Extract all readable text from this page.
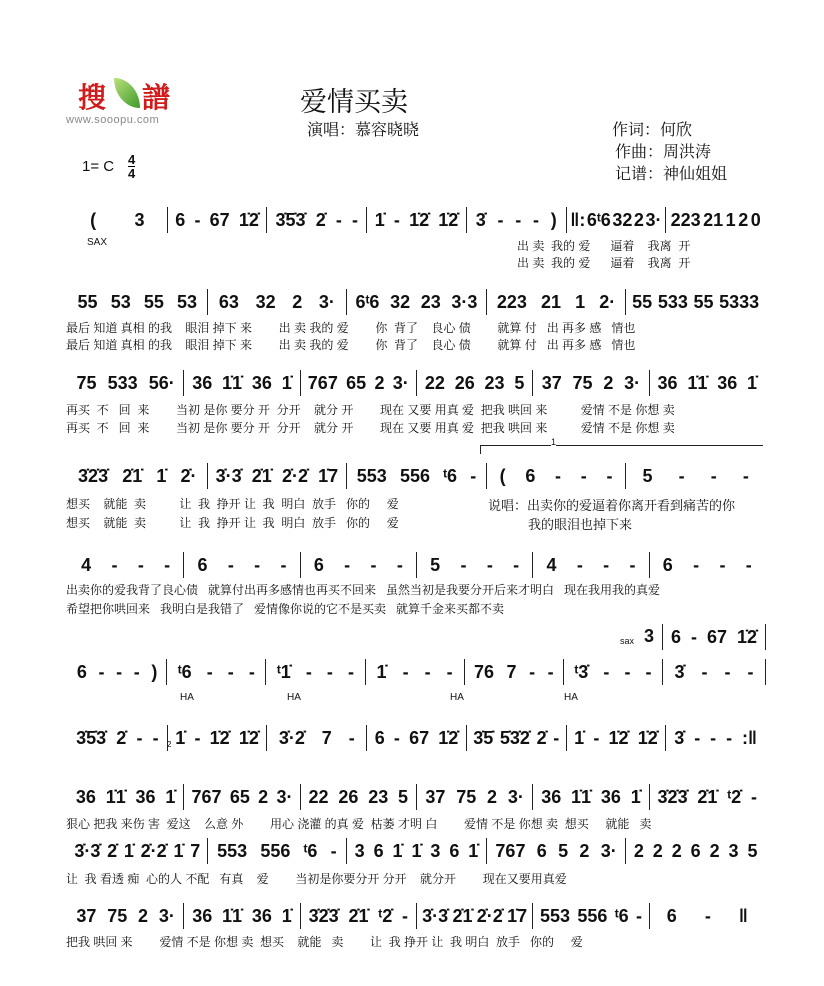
搜 譜
www.sooopu.com
爱情买卖
演唱：慕容晓晓	作词：何欣
作曲：周洪涛
记谱：神仙姐姐
1= C 4
4
( 3 6 - 67 1̇2̇ 3̇5̇3̇ 2̇ - - 1̇ - 1̇2̇ 1̇2̇ 3̇ - - - ) ‖: 6ᵗ6 32 2 3· 223 21 1 2 0
出 卖  我的 爱      逼着    我离  开
出 卖  我的 爱      逼着    我离  开
55 53 55 53 63 32 2 3· 6ᵗ6 32 23 3·3 223 21 1 2· 55 533 55 5333
最后 知道 真相 的我    眼泪 掉下 来        出 卖 我的 爱        你  背了    良心 债        就算 付   出 再多 感   情也
最后 知道 真相 的我    眼泪 掉下 来        出 卖 我的 爱        你  背了    良心 债        就算 付   出 再多 感   情也
75 533 56· 36 1̇1̇ 36 1̇ 767 65 2 3· 22 26 23 5 37 75 2 3· 36 1̇1̇ 36 1̇
再买  不   回  来        当初 是你 要分 开  分开    就分 开        现在 又要 用真 爱  把我 哄回 来          爱情 不是 你想 卖
再买  不   回  来        当初 是你 要分 开  分开    就分 开        现在 又要 用真 爱  把我 哄回 来          爱情 不是 你想 卖
3̇2̇3̇ 2̇1̇ 1̇ 2̇· 3̇·3̇ 2̇1̇ 2̇·2̇ 1̇7 553 556 ᵗ6 - ( 6 - - - 5 - - -
想买    就能  卖          让  我  挣开 让  我  明白  放手   你的     爱
想买    就能  卖          让  我  挣开 让  我  明白  放手   你的     爱
4 - - - 6 - - - 6 - - - 5 - - - 4 - - - 6 - - -
出卖你的爱我背了良心债   就算付出再多感情也再买不回来   虽然当初是我要分开后来才明白   现在我用我的真爱
希望把你哄回来   我明白是我错了   爱情像你说的它不是买卖   就算千金来买都不卖
6 - - - ) ᵗ6 - - - ᵗ1̇ - - - 1̇ - - - 76 7 - - ᵗ3̇ - - -
3̇5̇3̇ 2̇ - - 1̇ - 1̇2̇ 1̇2̇ 3̇·2̇ 7 - 6 - 67 1̇2̇ 3̇5̇ 5̇3̇2̇ 2̇ - 1̇ - 1̇2̇ 1̇2̇ 3̇ - - - :‖
36 1̇1̇ 36 1̇ 767 65 2 3· 22 26 23 5 37 75 2 3· 36 1̇1̇ 36 1̇ 3̇2̇3̇ 2̇1̇ ᵗ2̇ -
狠心 把我 来伤 害  爱这    么意 外        用心 浇灌 的真 爱  枯萎 才明 白        爱情 不是 你想 卖  想买     就能   卖
3̇·3̇ 2̇ 1̇ 2̇·2̇ 1̇ 7 553 556 ᵗ6 - 3 6 1̇ 1̇ 3 6 1̇ 767 6 5 2 3· 2 2 2 6 2 3 5
让  我 看透 痴  心的人 不配   有真    爱        当初是你要分开 分开    就分开        现在又要用真爱
37 75 2 3· 36 1̇1̇ 36 1̇ 3̇2̇3̇ 2̇1̇ ᵗ2̇ - 3̇·3̇ 2̇1̇ 2̇·2̇ 1̇7 553 556 ᵗ6 - 6 - ‖
把我 哄回 来        爱情 不是 你想 卖  想买    就能   卖        让  我 挣开 让  我 明白  放手   你的     爱
1
SAX
说唱：出卖你的爱逼着你离开看到痛苦的你
我的眼泪也掉下来
HA	HA	HA	HA
sax 3 6 - 67 1̇2̇
3̇ - - -
2
